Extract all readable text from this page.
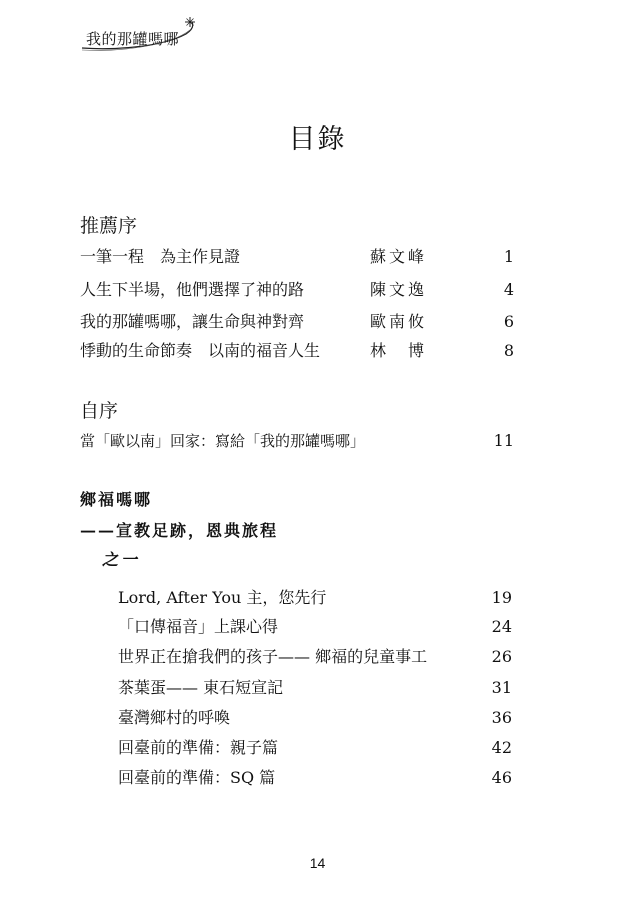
我的那罐嗎哪
目錄
推薦序
一筆一程　為主作見證	蘇文峰	1
人生下半場，他們選擇了神的路	陳文逸	4
我的那罐嗎哪，讓生命與神對齊	歐南攸	6
悸動的生命節奏　以南的福音人生	林　博	8
自序
當「歐以南」回家：寫給「我的那罐嗎哪」	11
鄉福嗎哪
——宣教足跡，恩典旅程
之一
Lord, After You 主，您先行	19
「口傳福音」上課心得	24
世界正在搶我們的孩子—— 鄉福的兒童事工	26
茶葉蛋—— 東石短宣記	31
臺灣鄉村的呼喚	36
回臺前的準備：親子篇	42
回臺前的準備：SQ 篇	46
14
